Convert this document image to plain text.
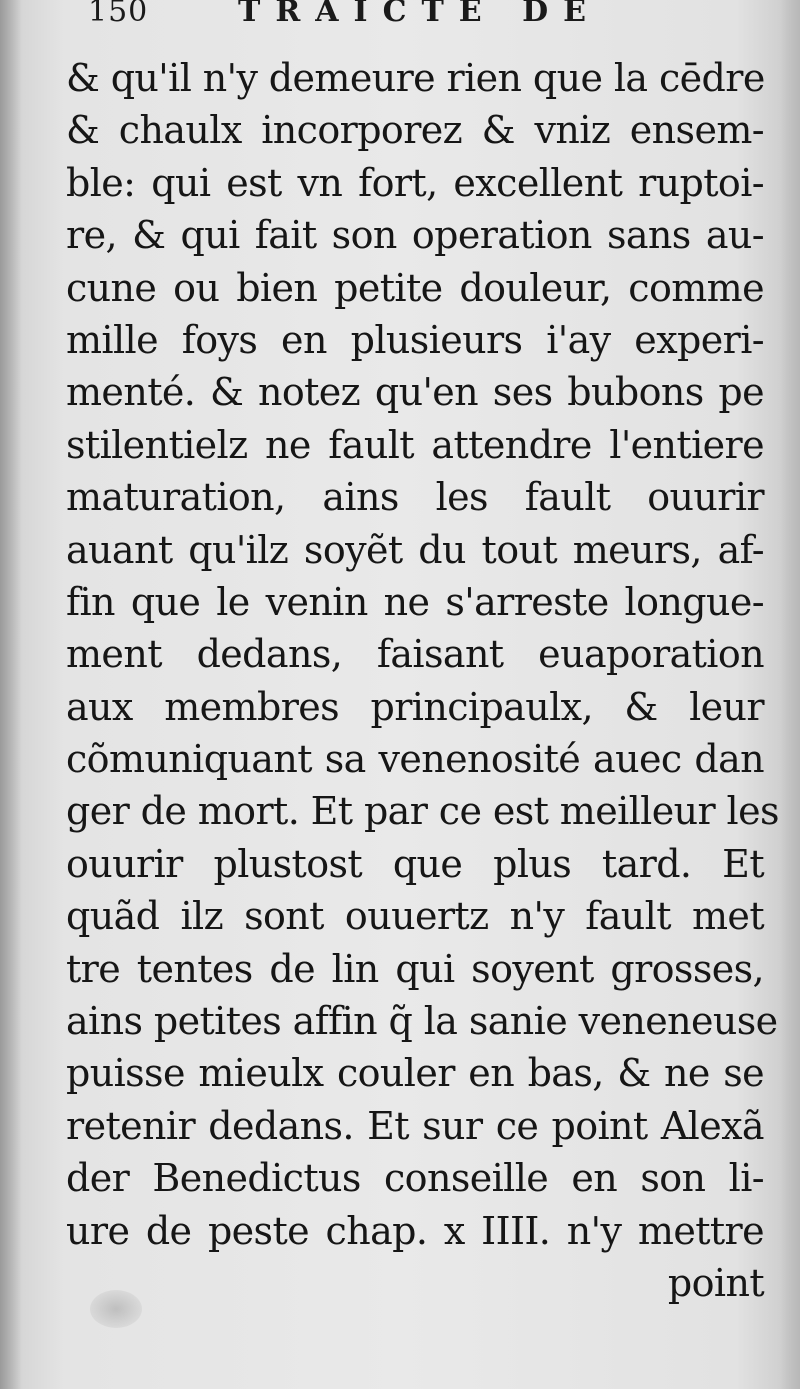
150	TRAICTE DE
& qu'il n'y demeure rien que la cēdre
& chaulx incorporez & vniz ensem-
ble: qui est vn fort, excellent ruptoi-
re, & qui fait son operation sans au-
cune ou bien petite douleur, comme
mille foys en plusieurs i'ay experi-
menté. & notez qu'en ses bubons pe
stilentielz ne fault attendre l'entiere
maturation, ains les fault ouurir
auant qu'ilz soyẽt du tout meurs, af-
fin que le venin ne s'arreste longue-
ment dedans, faisant euaporation
aux membres principaulx, & leur
cõmuniquant sa venenosité auec dan
ger de mort. Et par ce est meilleur les
ouurir plustost que plus tard. Et
quãd ilz sont ouuertz n'y fault met
tre tentes de lin qui soyent grosses,
ains petites affin q̃ la sanie veneneuse
puisse mieulx couler en bas, & ne se
retenir dedans. Et sur ce point Alexã
der Benedictus conseille en son li-
ure de peste chap. x IIII. n'y mettre
point
